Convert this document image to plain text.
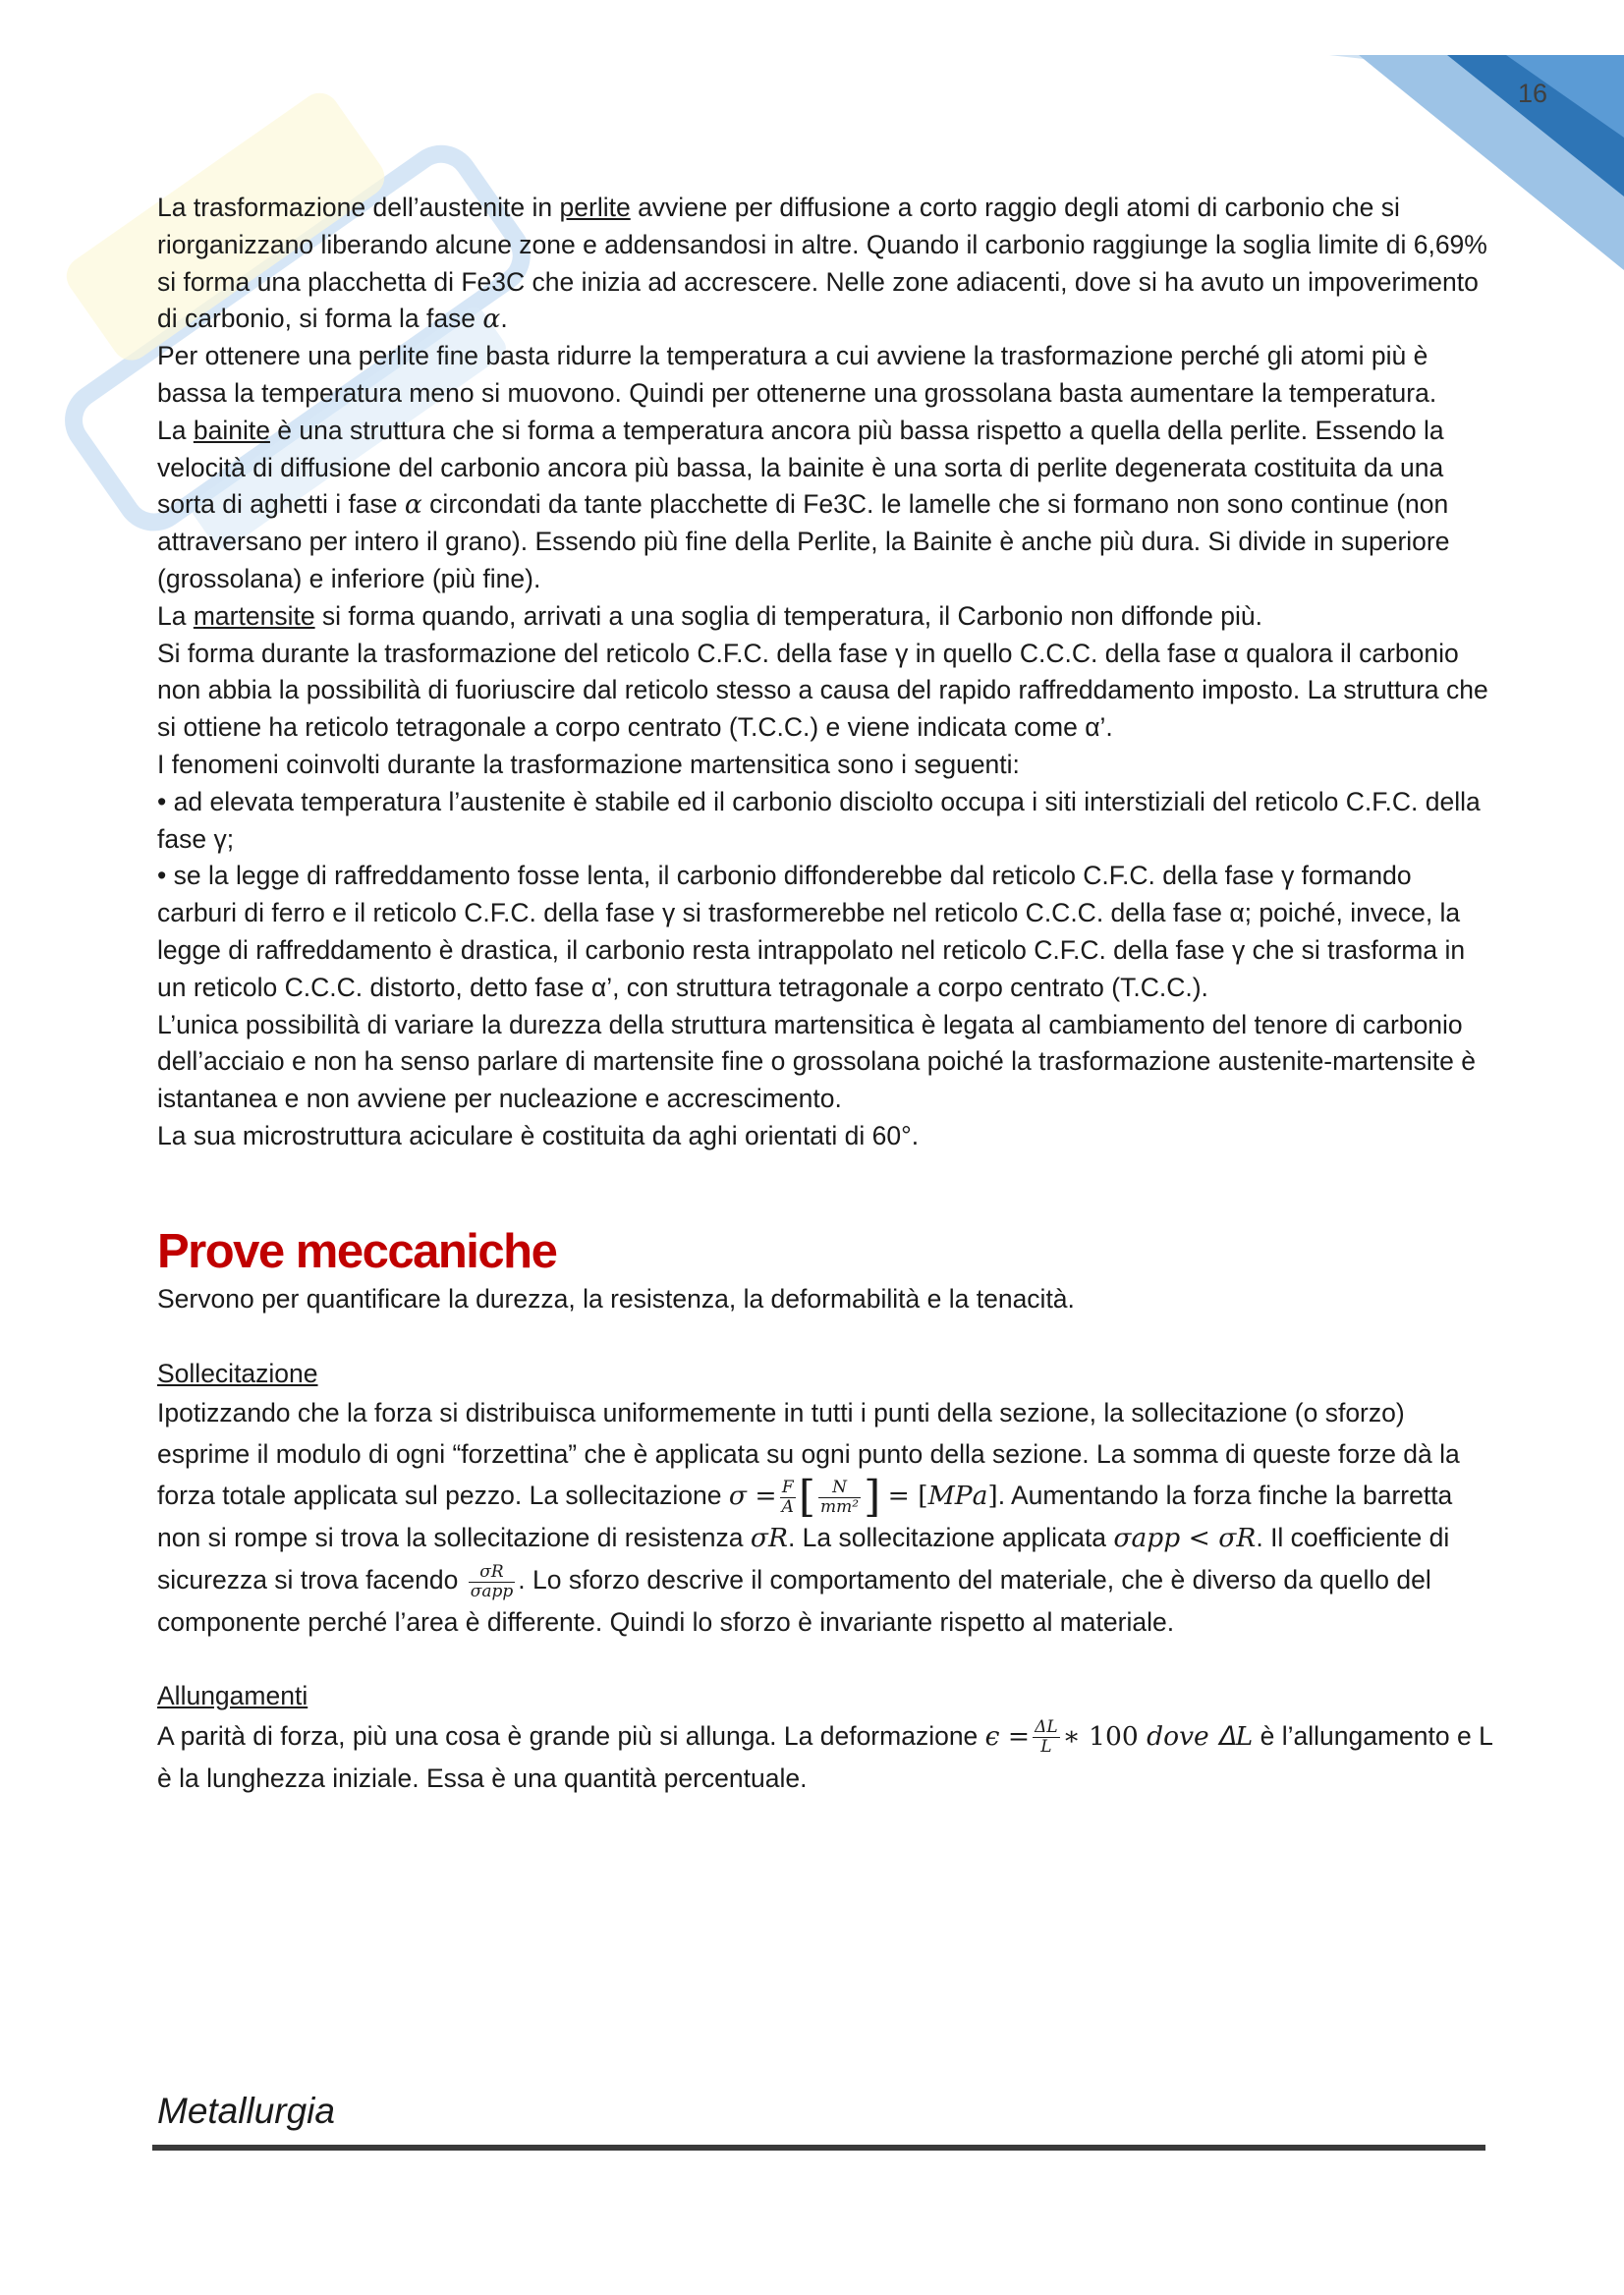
16

La trasformazione dell’austenite in perlite avviene per diffusione a corto raggio degli atomi di carbonio che si riorganizzano liberando alcune zone e addensandosi in altre. Quando il carbonio raggiunge la soglia limite di 6,69% si forma una placchetta di Fe3C che inizia ad accrescere. Nelle zone adiacenti, dove si ha avuto un impoverimento di carbonio, si forma la fase 𝛼.

Per ottenere una perlite fine basta ridurre la temperatura a cui avviene la trasformazione perché gli atomi più è bassa la temperatura meno si muovono. Quindi per ottenerne una grossolana basta aumentare la temperatura.

La bainite è una struttura che si forma a temperatura ancora più bassa rispetto a quella della perlite. Essendo la velocità di diffusione del carbonio ancora più bassa, la bainite è una sorta di perlite degenerata costituita da una sorta di aghetti i fase 𝛼 circondati da tante placchette di Fe3C. le lamelle che si formano non sono continue (non attraversano per intero il grano). Essendo più fine della Perlite, la Bainite è anche più dura. Si divide in superiore (grossolana) e inferiore (più fine).

La martensite si forma quando, arrivati a una soglia di temperatura, il Carbonio non diffonde più.

Si forma durante la trasformazione del reticolo C.F.C. della fase γ in quello C.C.C. della fase α qualora il carbonio non abbia la possibilità di fuoriuscire dal reticolo stesso a causa del rapido raffreddamento imposto. La struttura che si ottiene ha reticolo tetragonale a corpo centrato (T.C.C.) e viene indicata come α’.

I fenomeni coinvolti durante la trasformazione martensitica sono i seguenti:

• ad elevata temperatura l’austenite è stabile ed il carbonio disciolto occupa i siti interstiziali del reticolo C.F.C. della fase γ;

• se la legge di raffreddamento fosse lenta, il carbonio diffonderebbe dal reticolo C.F.C. della fase γ formando carburi di ferro e il reticolo C.F.C. della fase γ si trasformerebbe nel reticolo C.C.C. della fase α; poiché, invece, la legge di raffreddamento è drastica, il carbonio resta intrappolato nel reticolo C.F.C. della fase γ che si trasforma in un reticolo C.C.C. distorto, detto fase α’, con struttura tetragonale a corpo centrato (T.C.C.).

L’unica possibilità di variare la durezza della struttura martensitica è legata al cambiamento del tenore di carbonio dell’acciaio e non ha senso parlare di martensite fine o grossolana poiché la trasformazione austenite-martensite è istantanea e non avviene per nucleazione e accrescimento.

La sua microstruttura aciculare è costituita da aghi orientati di 60°.

Prove meccaniche

Servono per quantificare la durezza, la resistenza, la deformabilità e la tenacità.

Sollecitazione

Ipotizzando che la forza si distribuisca uniformemente in tutti i punti della sezione, la sollecitazione (o sforzo) esprime il modulo di ogni “forzettina” che è applicata su ogni punto della sezione. La somma di queste forze dà la forza totale applicata sul pezzo. La sollecitazione 𝜎 = $\frac{F}{A}$ [ $\frac{N}{\text{mm²}}$ ] = [𝑀𝑃𝑎]. Aumentando la forza finche la barretta non si rompe si trova la sollecitazione di resistenza 𝜎𝑅. La sollecitazione applicata 𝜎𝑎𝑝𝑝 < 𝜎𝑅. Il coefficiente di sicurezza si trova facendo $\frac{\sigma R}{\text{σapp}}$ . Lo sforzo descrive il comportamento del materiale, che è diverso da quello del componente perché l’area è differente. Quindi lo sforzo è invariante rispetto al materiale.

Allungamenti

A parità di forza, più una cosa è grande più si allunga. La deformazione 𝜖 = $\frac{\Delta L}{L}$ ∗ 100 𝑑𝑜𝑣𝑒 𝛥𝐿 è l’allungamento e L è la lunghezza iniziale. Essa è una quantità percentuale.

Metallurgia
